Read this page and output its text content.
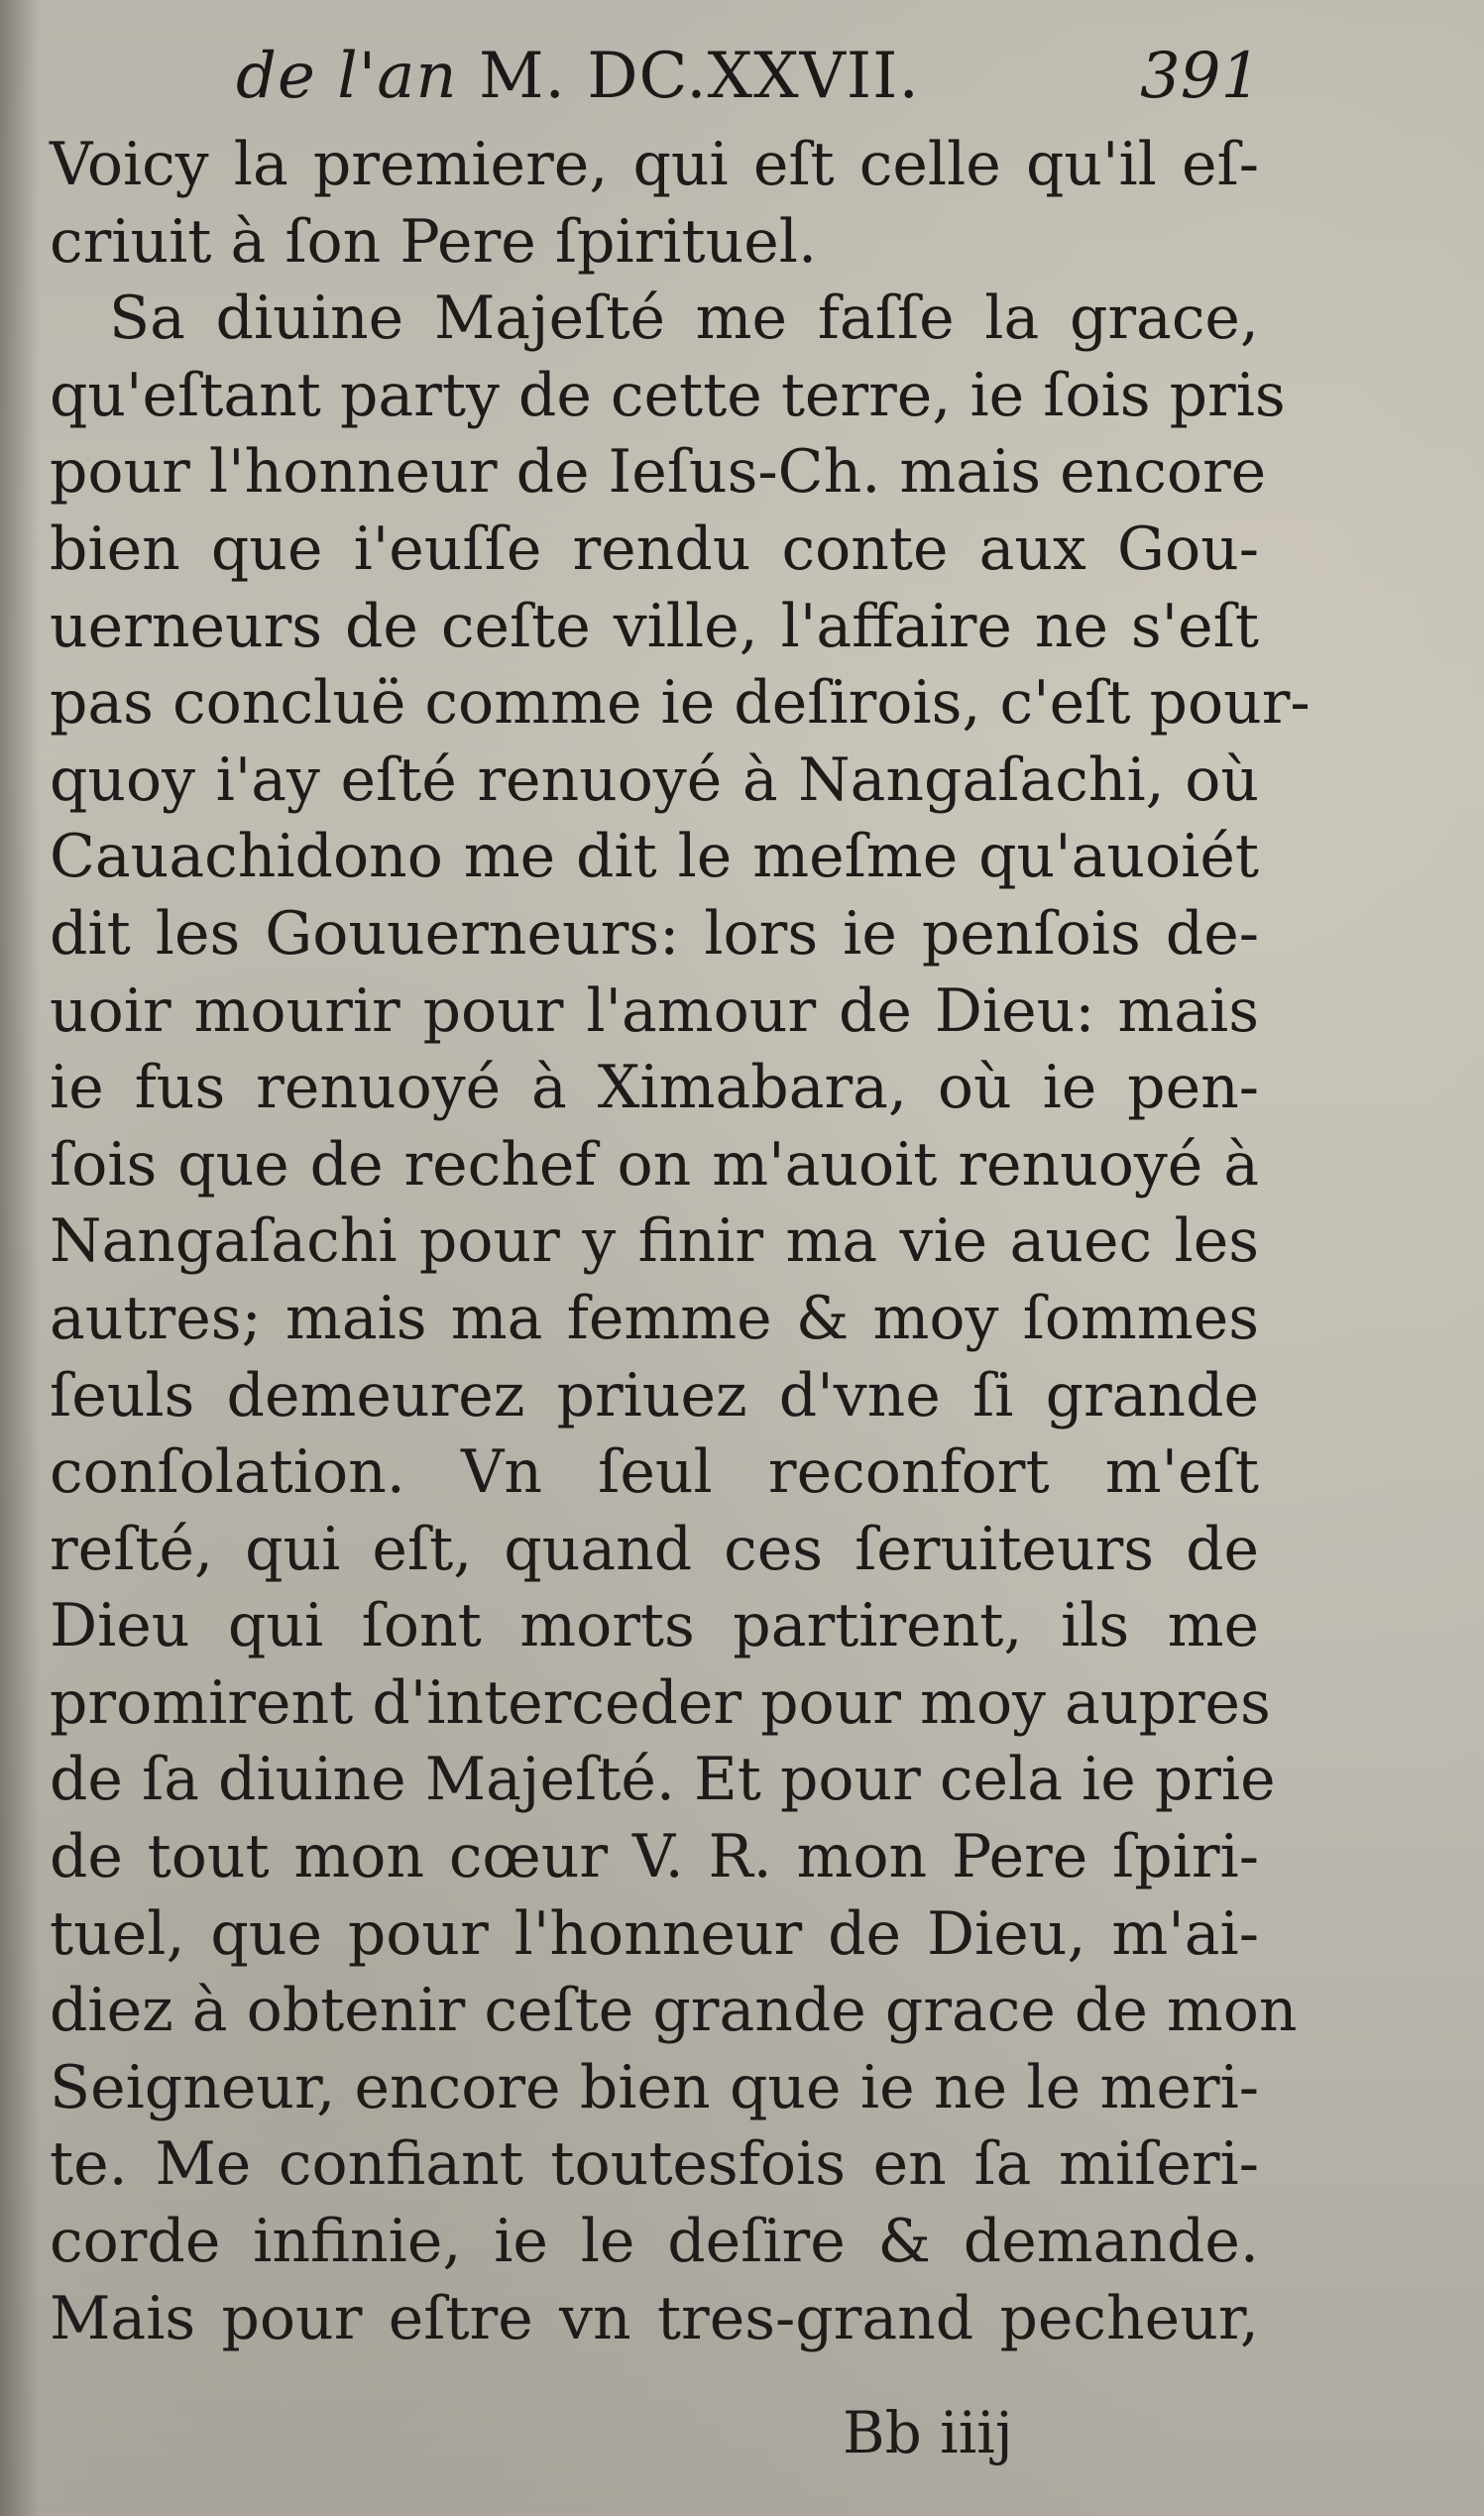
de l'an M. DC.XXVII.	391
Voicy la premiere, qui eſt celle qu'il eſ-
criuit à ſon Pere ſpirituel.
Sa diuine Majeſté me faſſe la grace,
qu'eſtant party de cette terre, ie ſois pris
pour l'honneur de Ieſus-Ch. mais encore
bien que i'euſſe rendu conte aux Gou-
uerneurs de ceſte ville, l'affaire ne s'eſt
pas concluë comme ie deſirois, c'eſt pour-
quoy i'ay eſté renuoyé à Nangaſachi, où
Cauachidono me dit le meſme qu'auoiét
dit les Gouuerneurs: lors ie penſois de-
uoir mourir pour l'amour de Dieu: mais
ie fus renuoyé à Ximabara, où ie pen-
ſois que de rechef on m'auoit renuoyé à
Nangaſachi pour y finir ma vie auec les
autres; mais ma femme & moy ſommes
ſeuls demeurez priuez d'vne ſi grande
conſolation. Vn ſeul reconfort m'eſt
reſté, qui eſt, quand ces ſeruiteurs de
Dieu qui ſont morts partirent, ils me
promirent d'interceder pour moy aupres
de ſa diuine Majeſté. Et pour cela ie prie
de tout mon cœur V. R. mon Pere ſpiri-
tuel, que pour l'honneur de Dieu, m'ai-
diez à obtenir ceſte grande grace de mon
Seigneur, encore bien que ie ne le meri-
te. Me confiant toutesfois en ſa miſeri-
corde infinie, ie le deſire & demande.
Mais pour eſtre vn tres-grand pecheur,
Bb iiij
